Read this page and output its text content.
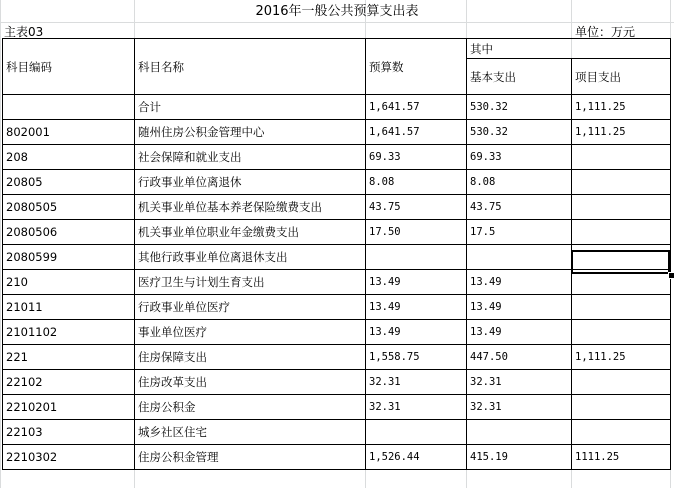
2016年一般公共预算支出表
主表03	单位：万元
科目编码	科目名称	预算数	其中	
			基本支出	项目支出
	合计	1,641.57	530.32	1,111.25
802001	随州住房公积金管理中心	1,641.57	530.32	1,111.25
208	社会保障和就业支出	69.33	69.33	
20805	行政事业单位离退休	8.08	8.08	
2080505	机关事业单位基本养老保险缴费支出	43.75	43.75	
2080506	机关事业单位职业年金缴费支出	17.50	17.5	
2080599	其他行政事业单位离退休支出			
210	医疗卫生与计划生育支出	13.49	13.49	
21011	行政事业单位医疗	13.49	13.49	
2101102	事业单位医疗	13.49	13.49	
221	住房保障支出	1,558.75	447.50	1,111.25
22102	住房改革支出	32.31	32.31	
2210201	住房公积金	32.31	32.31	
22103	城乡社区住宅			
2210302	住房公积金管理	1,526.44	415.19	1111.25
